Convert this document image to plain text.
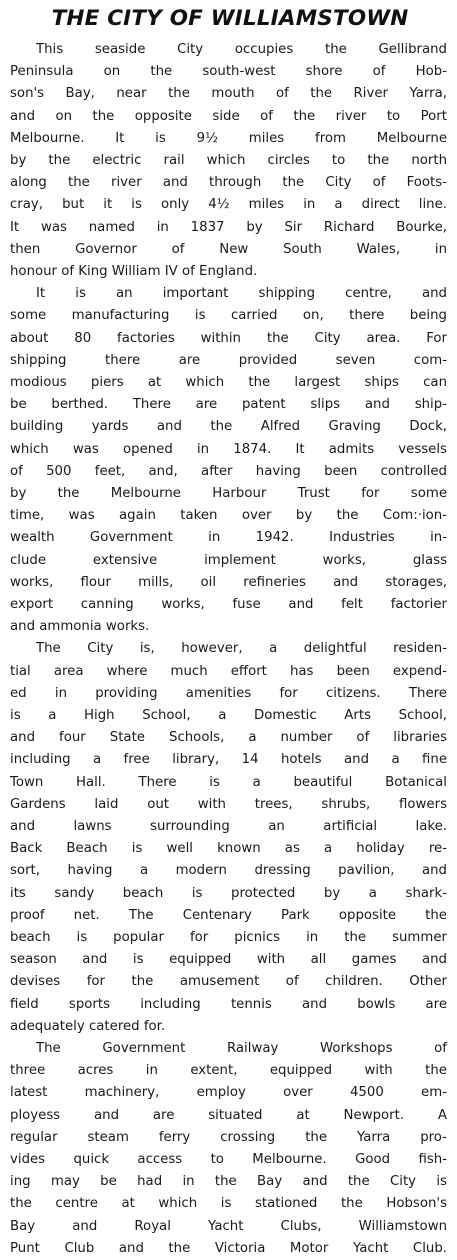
THE CITY OF WILLIAMSTOWN
This seaside City occupies the Gellibrand
Peninsula on the south-west shore of Hob-
son's Bay, near the mouth of the River Yarra,
and on the opposite side of the river to Port
Melbourne. It is 9½ miles from Melbourne
by the electric rail which circles to the north
along the river and through the City of Foots-
cray, but it is only 4½ miles in a direct line.
It was named in 1837 by Sir Richard Bourke,
then Governor of New South Wales, in
honour of King William IV of England.
It is an important shipping centre, and
some manufacturing is carried on, there being
about 80 factories within the City area. For
shipping there are provided seven com-
modious piers at which the largest ships can
be berthed. There are patent slips and ship-
building yards and the Alfred Graving Dock,
which was opened in 1874. It admits vessels
of 500 feet, and, after having been controlled
by the Melbourne Harbour Trust for some
time, was again taken over by the Com:·ion-
wealth Government in 1942. Industries in-
clude extensive implement works, glass
works, flour mills, oil refineries and storages,
export canning works, fuse and felt factorier
and ammonia works.
The City is, however, a delightful residen-
tial area where much effort has been expend-
ed in providing amenities for citizens. There
is a High School, a Domestic Arts School,
and four State Schools, a number of libraries
including a free library, 14 hotels and a fine
Town Hall. There is a beautiful Botanical
Gardens laid out with trees, shrubs, flowers
and lawns surrounding an artificial lake.
Back Beach is well known as a holiday re-
sort, having a modern dressing pavilion, and
its sandy beach is protected by a shark-
proof net. The Centenary Park opposite the
beach is popular for picnics in the summer
season and is equipped with all games and
devises for the amusement of children. Other
field sports including tennis and bowls are
adequately catered for.
The Government Railway Workshops of
three acres in extent, equipped with the
latest machinery, employ over 4500 em-
ployess and are situated at Newport. A
regular steam ferry crossing the Yarra pro-
vides quick access to Melbourne. Good fish-
ing may be had in the Bay and the City is
the centre at which is stationed the Hobson's
Bay and Royal Yacht Clubs, Williamstown
Punt Club and the Victoria Motor Yacht Club.
